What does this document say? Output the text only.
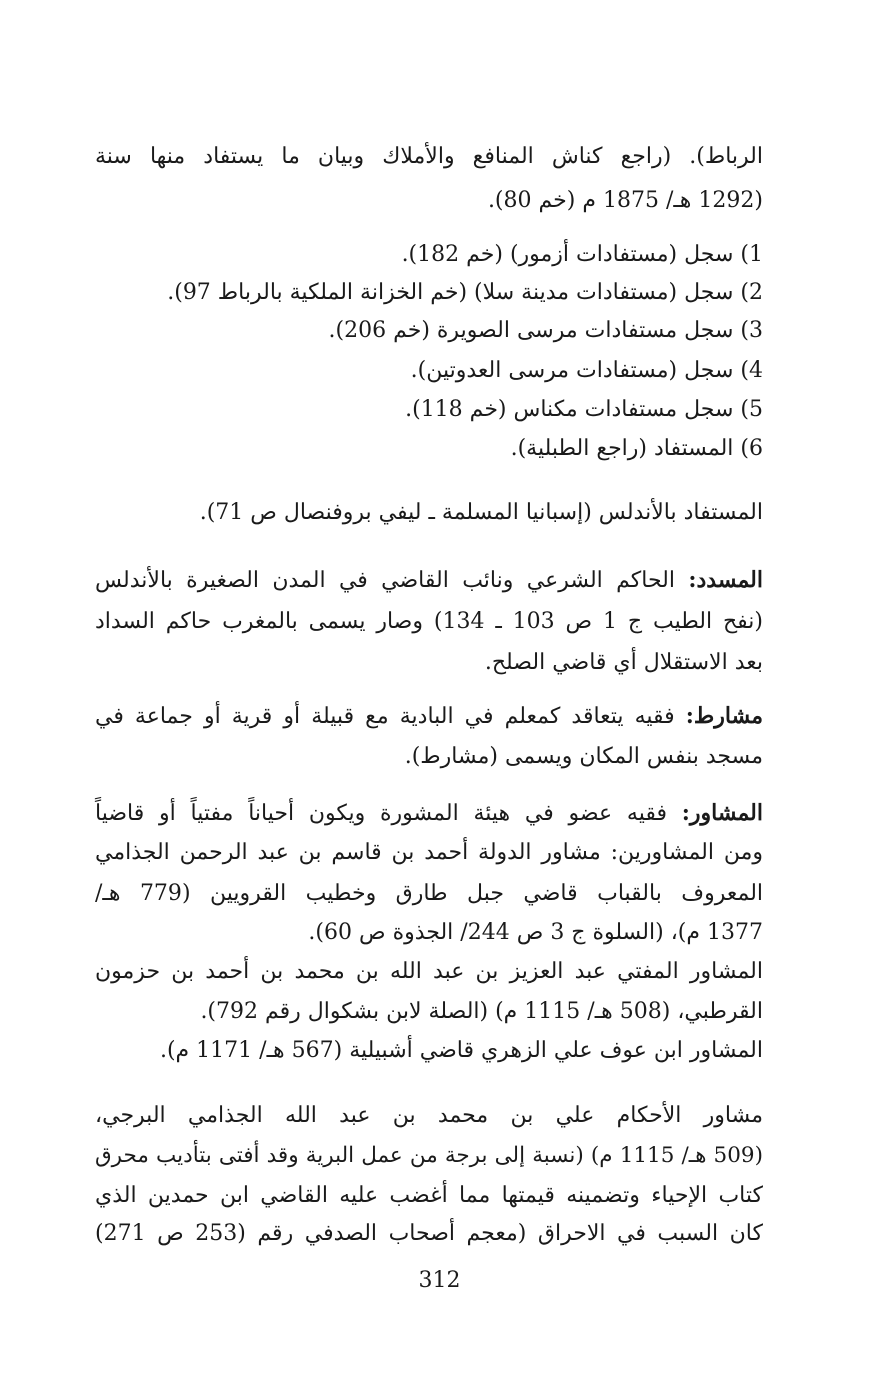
الرباط). (راجع كناش المنافع والأملاك وبيان ما يستفاد منها سنة
(1292 هـ/ 1875 م (خم 80).
1) سجل (مستفادات أزمور) (خم 182).
2) سجل (مستفادات مدينة سلا) (خم الخزانة الملكية بالرباط 97).
3) سجل مستفادات مرسى الصويرة (خم 206).
4) سجل (مستفادات مرسى العدوتين).
5) سجل مستفادات مكناس (خم 118).
6) المستفاد (راجع الطبلية).
المستفاد بالأندلس (إسبانيا المسلمة ـ ليفي بروفنصال ص 71).
المسدد: الحاكم الشرعي ونائب القاضي في المدن الصغيرة بالأندلس
(نفح الطيب ج 1 ص 103 ـ 134) وصار يسمى بالمغرب حاكم السداد
بعد الاستقلال أي قاضي الصلح.
مشارط: فقيه يتعاقد كمعلم في البادية مع قبيلة أو قرية أو جماعة في
مسجد بنفس المكان ويسمى (مشارط).
المشاور: فقيه عضو في هيئة المشورة ويكون أحياناً مفتياً أو قاضياً
ومن المشاورين: مشاور الدولة أحمد بن قاسم بن عبد الرحمن الجذامي
المعروف بالقباب قاضي جبل طارق وخطيب القرويين (779 هـ/
1377 م)، (السلوة ج 3 ص 244/ الجذوة ص 60).
المشاور المفتي عبد العزيز بن عبد الله بن محمد بن أحمد بن حزمون
القرطبي، (508 هـ/ 1115 م) (الصلة لابن بشكوال رقم 792).
المشاور ابن عوف علي الزهري قاضي أشبيلية (567 هـ/ 1171 م).
مشاور الأحكام علي بن محمد بن عبد الله الجذامي البرجي،
(509 هـ/ 1115 م) (نسبة إلى برجة من عمل البرية وقد أفتى بتأديب محرق
كتاب الإحياء وتضمينه قيمتها مما أغضب عليه القاضي ابن حمدين الذي
كان السبب في الاحراق (معجم أصحاب الصدفي رقم (253 ص 271)
312
